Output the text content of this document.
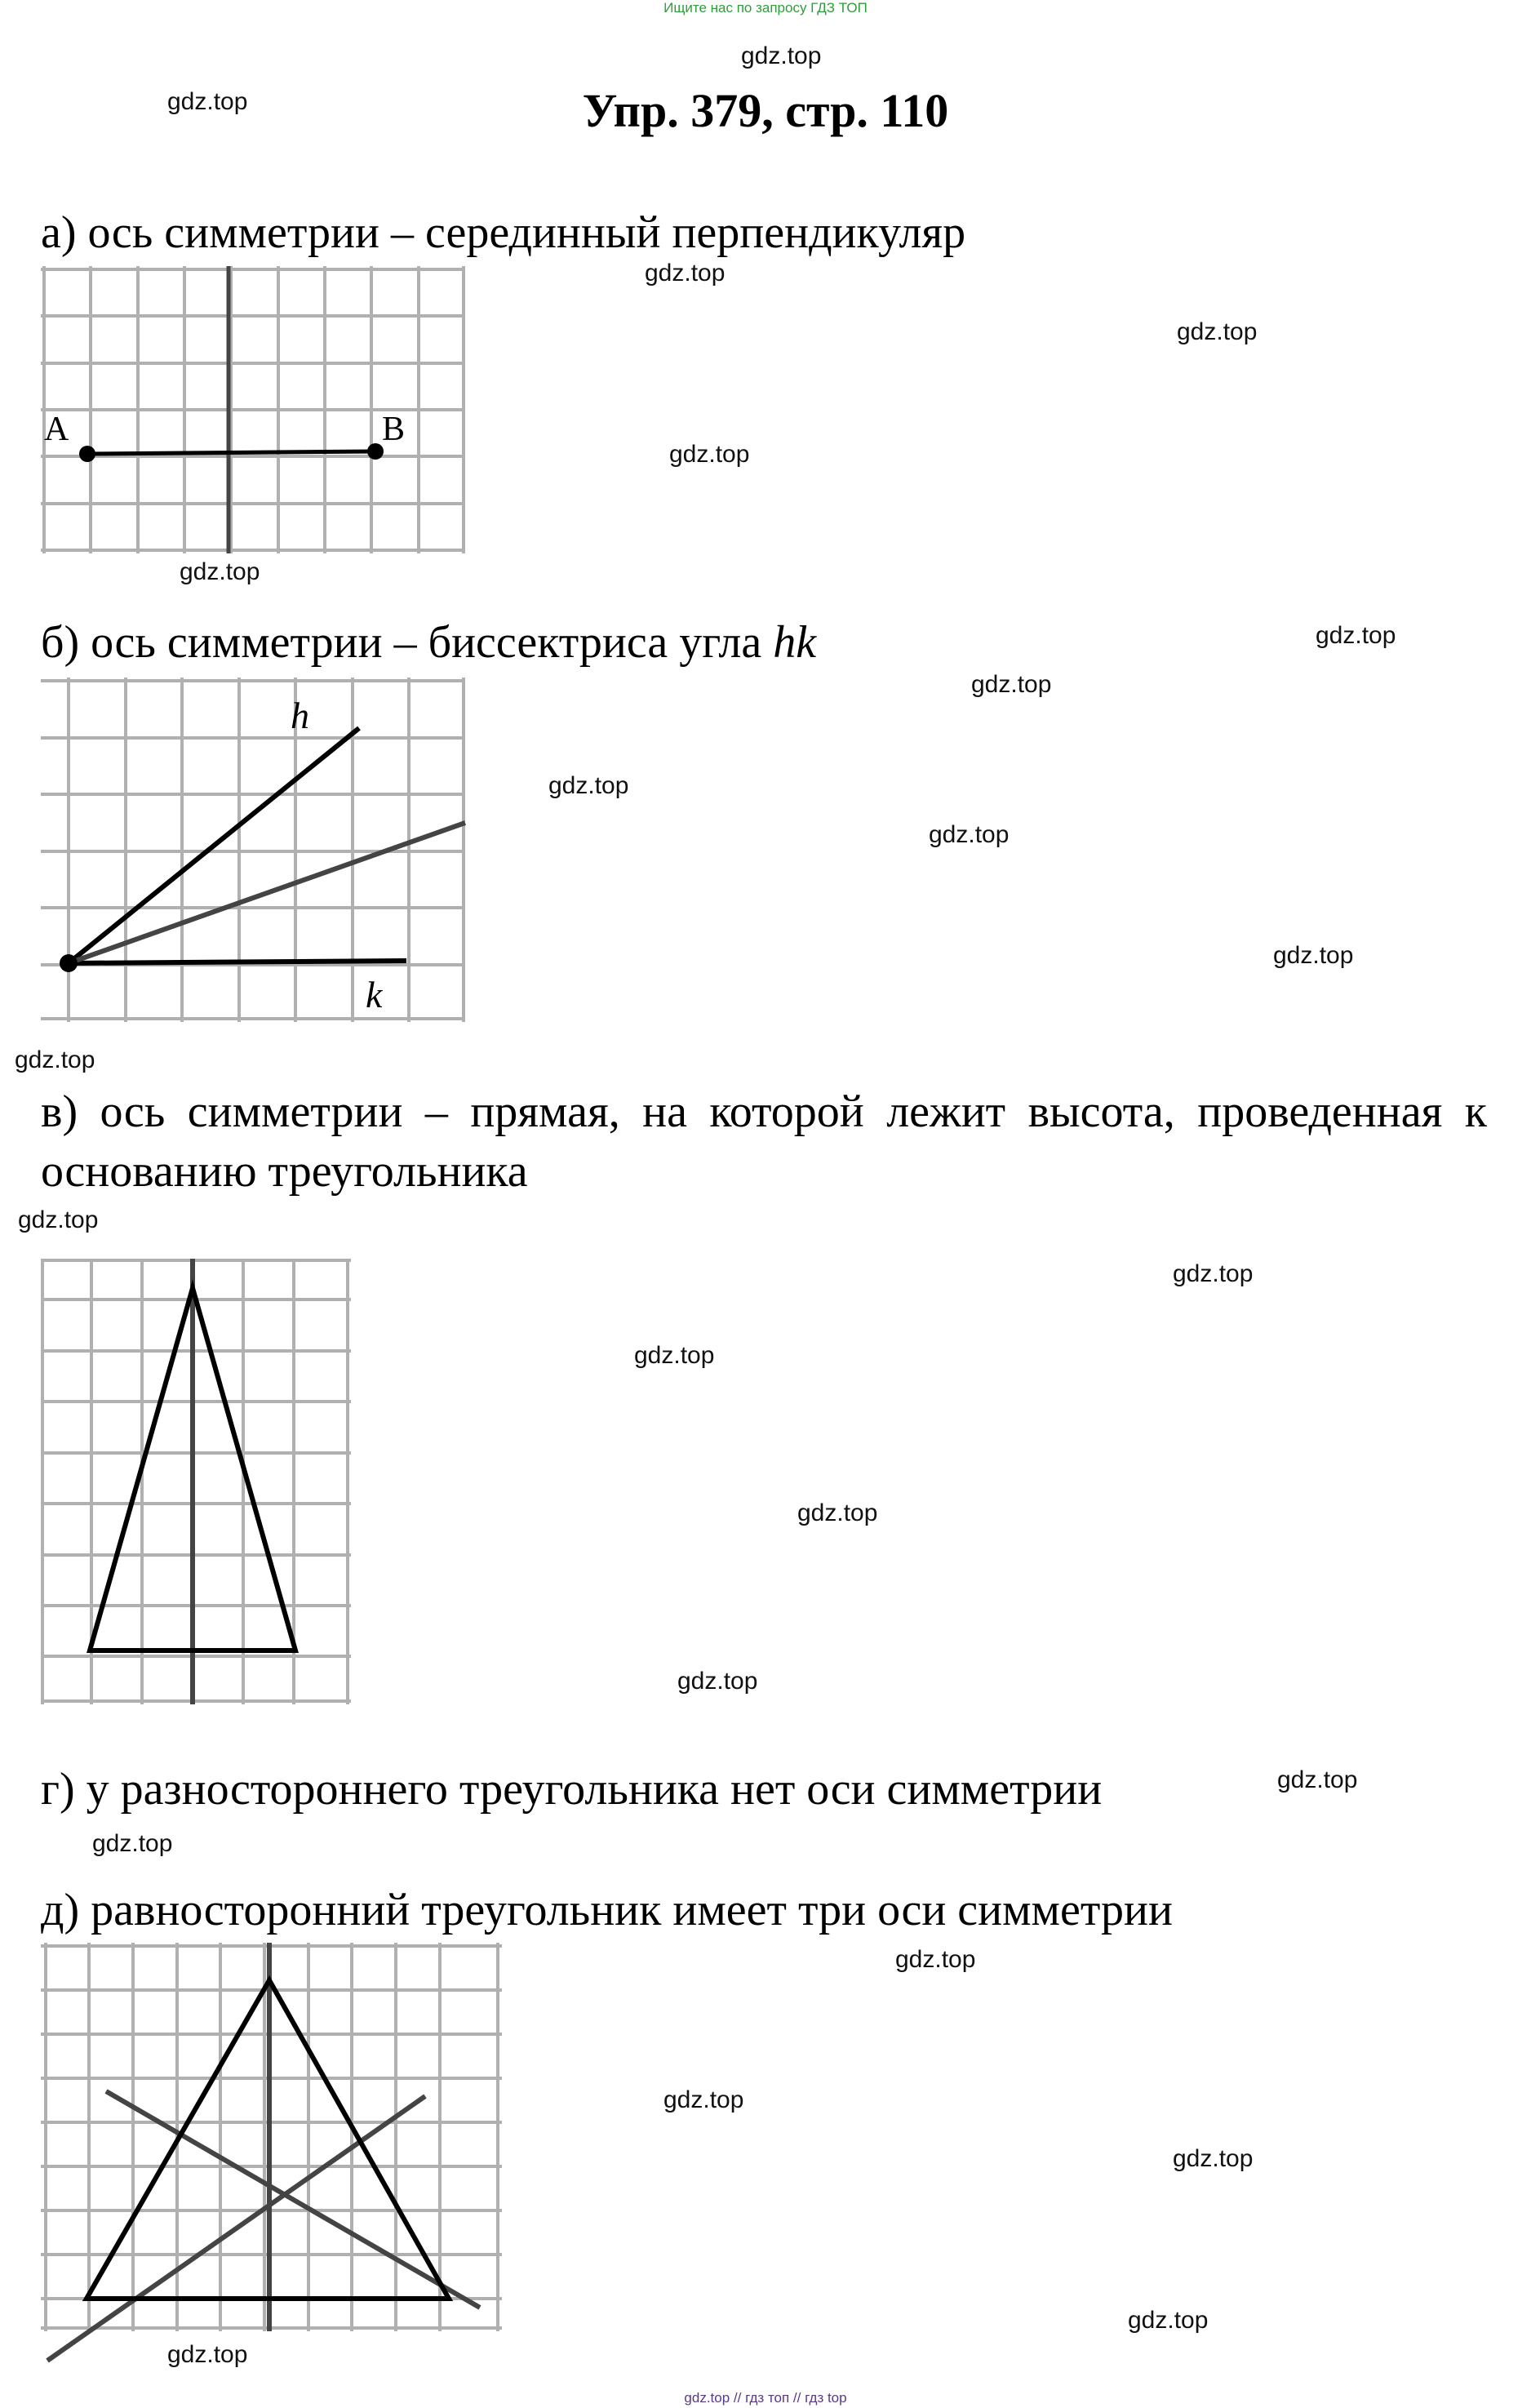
Ищите нас по запросу ГДЗ ТОП
Упр. 379, стр. 110
gdz.top
gdz.top
gdz.top
gdz.top
gdz.top
gdz.top
gdz.top
gdz.top
gdz.top
gdz.top
gdz.top
gdz.top
gdz.top
gdz.top
gdz.top
gdz.top
gdz.top
gdz.top
gdz.top
gdz.top
gdz.top
gdz.top
gdz.top
gdz.top
а) ось симметрии – серединный перпендикуляр
A	B
б) ось симметрии – биссектриса угла hk
h
k
в) ось симметрии – прямая, на которой лежит высота, проведенная к
основанию треугольника
г) у разностороннего треугольника нет оси симметрии
д) равносторонний треугольник имеет три оси симметрии
gdz.top // гдз топ // гдз top
